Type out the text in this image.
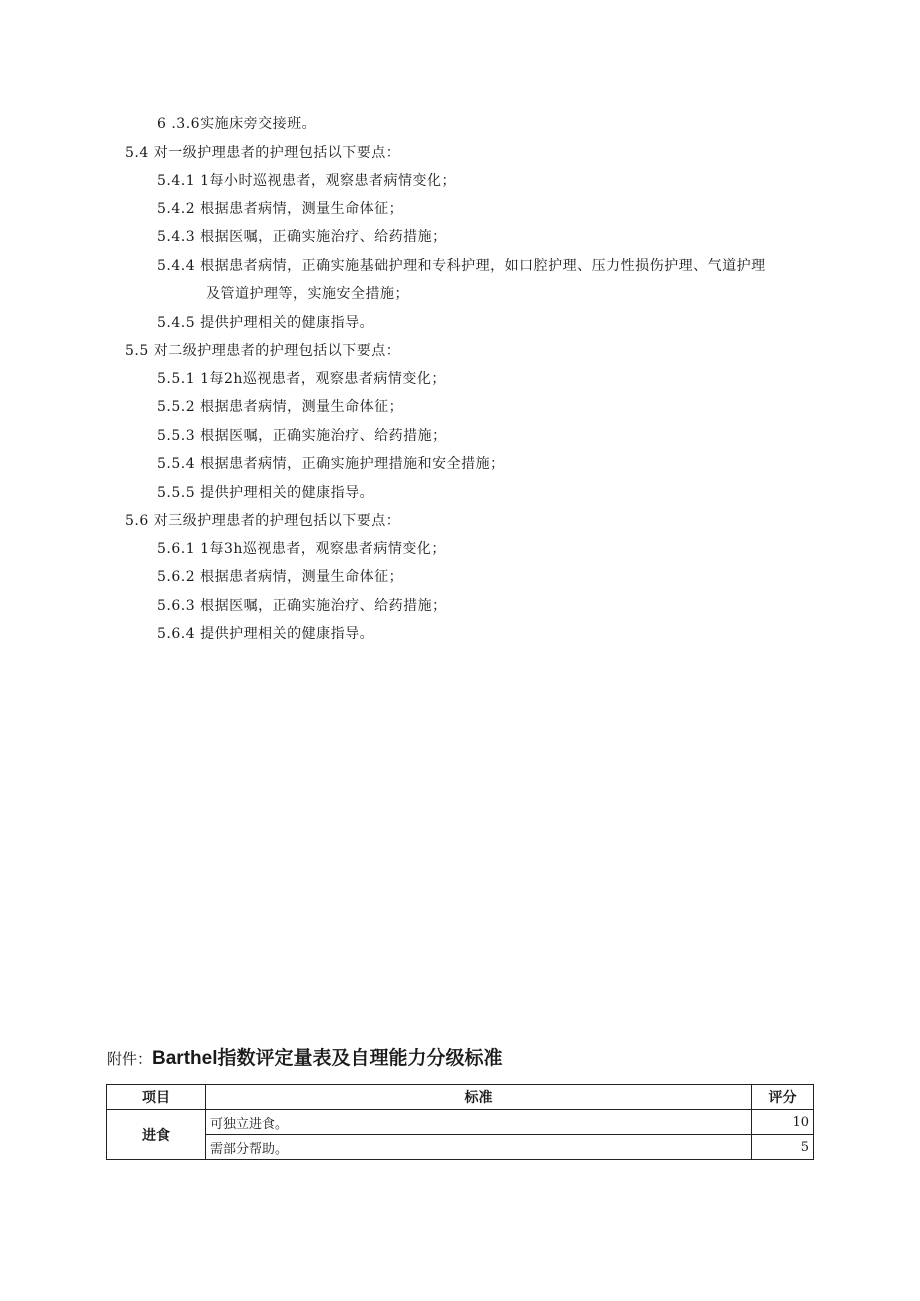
6 .3.6实施床旁交接班。
5.4 对一级护理患者的护理包括以下要点：
5.4.1 1每小时巡视患者，观察患者病情变化；
5.4.2 根据患者病情，测量生命体征；
5.4.3 根据医嘱，正确实施治疗、给药措施；
5.4.4 根据患者病情，正确实施基础护理和专科护理，如口腔护理、压力性损伤护理、气道护理
及管道护理等，实施安全措施；
5.4.5 提供护理相关的健康指导。
5.5 对二级护理患者的护理包括以下要点：
5.5.1 1每2h巡视患者，观察患者病情变化；
5.5.2 根据患者病情，测量生命体征；
5.5.3 根据医嘱，正确实施治疗、给药措施；
5.5.4 根据患者病情，正确实施护理措施和安全措施；
5.5.5 提供护理相关的健康指导。
5.6 对三级护理患者的护理包括以下要点：
5.6.1 1每3h巡视患者，观察患者病情变化；
5.6.2 根据患者病情，测量生命体征；
5.6.3 根据医嘱，正确实施治疗、给药措施；
5.6.4 提供护理相关的健康指导。
附件：Barthel指数评定量表及自理能力分级标准
项目	标准	评分
进食	可独立进食。	10
	需部分帮助。	5
